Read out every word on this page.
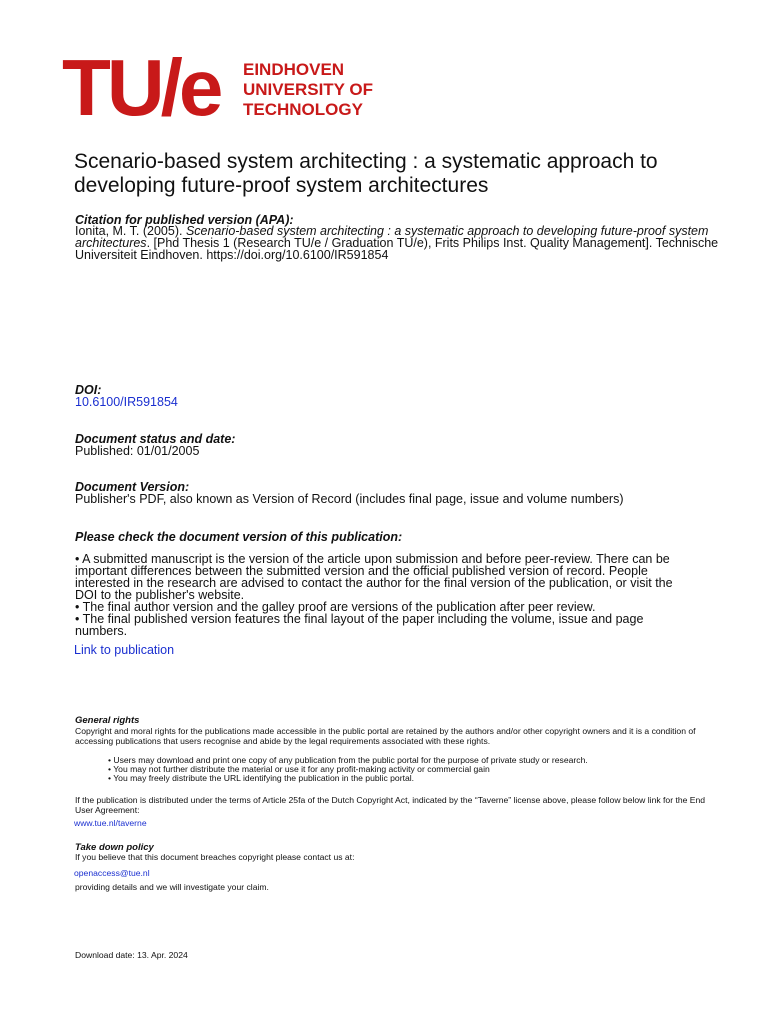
TU/e EINDHOVEN
UNIVERSITY OF
TECHNOLOGY
Scenario-based system architecting : a systematic approach to developing future-proof system architectures
Citation for published version (APA):
Ionita, M. T. (2005). Scenario-based system architecting : a systematic approach to developing future-proof system architectures. [Phd Thesis 1 (Research TU/e / Graduation TU/e), Frits Philips Inst. Quality Management]. Technische Universiteit Eindhoven. https://doi.org/10.6100/IR591854
DOI:
10.6100/IR591854
Document status and date:
Published: 01/01/2005
Document Version:
Publisher's PDF, also known as Version of Record (includes final page, issue and volume numbers)
Please check the document version of this publication:
• A submitted manuscript is the version of the article upon submission and before peer-review. There can be important differences between the submitted version and the official published version of record. People interested in the research are advised to contact the author for the final version of the publication, or visit the DOI to the publisher's website.
• The final author version and the galley proof are versions of the publication after peer review.
• The final published version features the final layout of the paper including the volume, issue and page numbers.
Link to publication
General rights
Copyright and moral rights for the publications made accessible in the public portal are retained by the authors and/or other copyright owners and it is a condition of accessing publications that users recognise and abide by the legal requirements associated with these rights.
• Users may download and print one copy of any publication from the public portal for the purpose of private study or research.
• You may not further distribute the material or use it for any profit-making activity or commercial gain
• You may freely distribute the URL identifying the publication in the public portal.
If the publication is distributed under the terms of Article 25fa of the Dutch Copyright Act, indicated by the “Taverne” license above, please follow below link for the End User Agreement:
www.tue.nl/taverne
Take down policy
If you believe that this document breaches copyright please contact us at:
openaccess@tue.nl
providing details and we will investigate your claim.
Download date: 13. Apr. 2024
